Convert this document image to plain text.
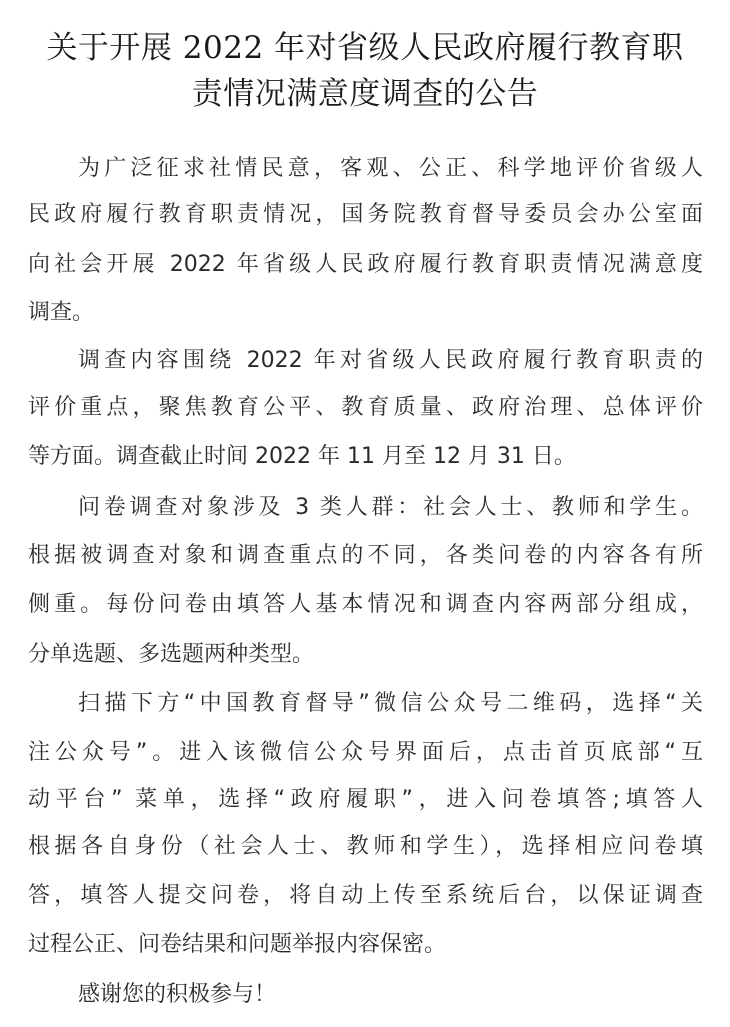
关于开展 2022 年对省级人民政府履行教育职
责情况满意度调查的公告
为广泛征求社情民意，客观、公正、科学地评价省级人
民政府履行教育职责情况，国务院教育督导委员会办公室面
向社会开展 2022 年省级人民政府履行教育职责情况满意度
调查。
调查内容围绕 2022 年对省级人民政府履行教育职责的
评价重点，聚焦教育公平、教育质量、政府治理、总体评价
等方面。调查截止时间 2022 年 11 月至 12 月 31 日。
问卷调查对象涉及 3 类人群：社会人士、教师和学生。
根据被调查对象和调查重点的不同，各类问卷的内容各有所
侧重。每份问卷由填答人基本情况和调查内容两部分组成，
分单选题、多选题两种类型。
扫描下方“中国教育督导”微信公众号二维码，选择“关
注公众号”。进入该微信公众号界面后，点击首页底部“互
动平台” 菜单，选择“政府履职”，进入问卷填答;填答人
根据各自身份（社会人士、教师和学生），选择相应问卷填
答，填答人提交问卷，将自动上传至系统后台，以保证调查
过程公正、问卷结果和问题举报内容保密。
感谢您的积极参与！
